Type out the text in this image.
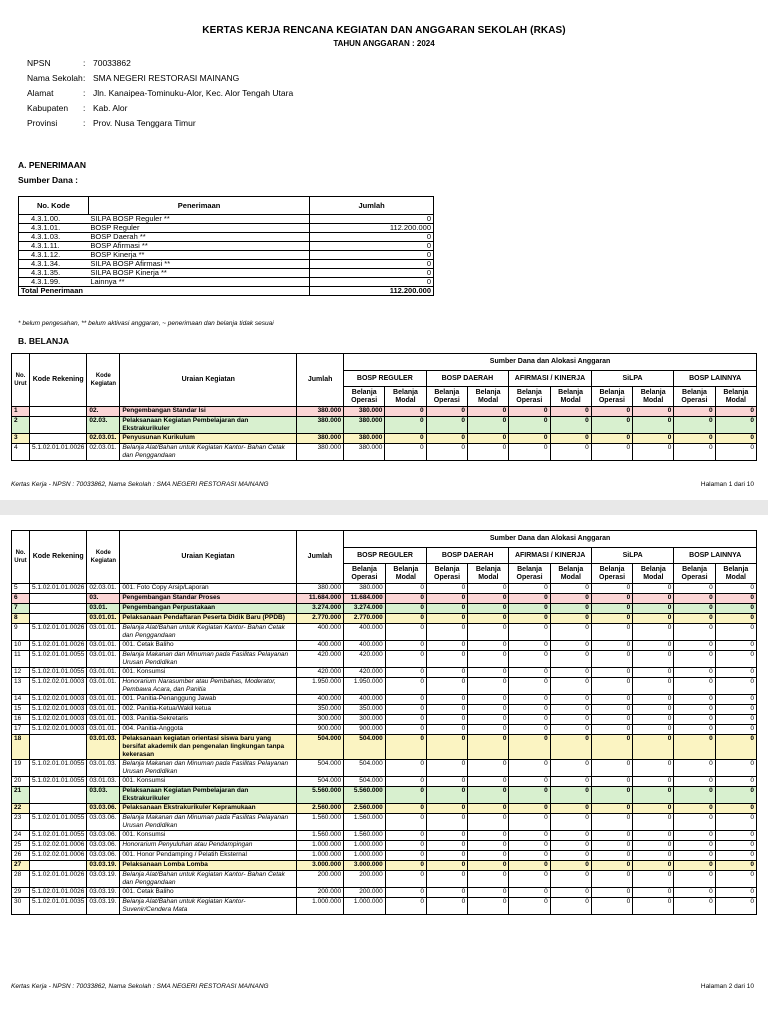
KERTAS KERJA RENCANA KEGIATAN DAN ANGGARAN SEKOLAH (RKAS)
TAHUN ANGGARAN : 2024
NPSN	: 70033862
Nama Sekolah : SMA NEGERI RESTORASI MAINANG
Alamat	: Jln. Kanaipea-Tominuku-Alor, Kec. Alor Tengah Utara
Kabupaten	: Kab. Alor
Provinsi	: Prov. Nusa Tenggara Timur
A. PENERIMAAN
Sumber Dana :
No. Kode	Penerimaan	Jumlah
4.3.1.00.	SILPA BOSP Reguler **	0
4.3.1.01.	BOSP Reguler	112.200.000
4.3.1.03.	BOSP Daerah **	0
4.3.1.11.	BOSP Afirmasi **	0
4.3.1.12.	BOSP Kinerja **	0
4.3.1.34.	SILPA BOSP Afirmasi **	0
4.3.1.35.	SILPA BOSP Kinerja **	0
4.3.1.99.	Lainnya **	0
Total Penerimaan		112.200.000
* belum pengesahan, ** belum aktivasi anggaran, ~ penerimaan dan belanja tidak sesuai
B. BELANJA
No. Urut	Kode Rekening	Kode Kegiatan	Uraian Kegiatan	Jumlah	Sumber Dana dan Alokasi Anggaran									
					BOSP REGULER		BOSP DAERAH		AFIRMASI / KINERJA		SiLPA		BOSP LAINNYA	
					Belanja Operasi	Belanja Modal	Belanja Operasi	Belanja Modal	Belanja Operasi	Belanja Modal	Belanja Operasi	Belanja Modal	Belanja Operasi	Belanja Modal
1		02.	Pengembangan Standar Isi	380.000	380.000	0	0	0	0	0	0	0	0	0
2		02.03.	Pelaksanaan Kegiatan Pembelajaran dan Ekstrakurikuler	380.000	380.000	0	0	0	0	0	0	0	0	0
3		02.03.01.	Penyusunan Kurikulum	380.000	380.000	0	0	0	0	0	0	0	0	0
4	5.1.02.01.01.0026	02.03.01.	Belanja Alat/Bahan untuk Kegiatan Kantor- Bahan Cetak dan Penggandaan	380.000	380.000	0	0	0	0	0	0	0	0	0
Kertas Kerja - NPSN : 70033862, Nama Sekolah : SMA NEGERI RESTORASI MAINANG	Halaman 1 dari 10
No. Urut	Kode Rekening	Kode Kegiatan	Uraian Kegiatan	Jumlah	Sumber Dana dan Alokasi Anggaran									
					BOSP REGULER		BOSP DAERAH		AFIRMASI / KINERJA		SiLPA		BOSP LAINNYA	
					Belanja Operasi	Belanja Modal	Belanja Operasi	Belanja Modal	Belanja Operasi	Belanja Modal	Belanja Operasi	Belanja Modal	Belanja Operasi	Belanja Modal
5	5.1.02.01.01.0026	02.03.01.	001. Foto Copy Arsip/Laporan	380.000	380.000	0	0	0	0	0	0	0	0	0
6		03.	Pengembangan Standar Proses	11.684.000	11.684.000	0	0	0	0	0	0	0	0	0
7		03.01.	Pengembangan Perpustakaan	3.274.000	3.274.000	0	0	0	0	0	0	0	0	0
8		03.01.01.	Pelaksanaan Pendaftaran Peserta Didik Baru (PPDB)	2.770.000	2.770.000	0	0	0	0	0	0	0	0	0
9	5.1.02.01.01.0026	03.01.01.	Belanja Alat/Bahan untuk Kegiatan Kantor- Bahan Cetak dan Penggandaan	400.000	400.000	0	0	0	0	0	0	0	0	0
10	5.1.02.01.01.0026	03.01.01.	001. Cetak Baliho	400.000	400.000	0	0	0	0	0	0	0	0	0
11	5.1.02.01.01.0055	03.01.01.	Belanja Makanan dan Minuman pada Fasilitas Pelayanan Urusan Pendidikan	420.000	420.000	0	0	0	0	0	0	0	0	0
12	5.1.02.01.01.0055	03.01.01.	001. Konsumsi	420.000	420.000	0	0	0	0	0	0	0	0	0
13	5.1.02.02.01.0003	03.01.01.	Honorarium Narasumber atau Pembahas, Moderator, Pembawa Acara, dan Panitia	1.950.000	1.950.000	0	0	0	0	0	0	0	0	0
14	5.1.02.02.01.0003	03.01.01.	001. Panitia-Penanggung Jawab	400.000	400.000	0	0	0	0	0	0	0	0	0
15	5.1.02.02.01.0003	03.01.01.	002. Panitia-Ketua/Wakil ketua	350.000	350.000	0	0	0	0	0	0	0	0	0
16	5.1.02.02.01.0003	03.01.01.	003. Panitia-Sekretaris	300.000	300.000	0	0	0	0	0	0	0	0	0
17	5.1.02.02.01.0003	03.01.01.	004. Panitia-Anggota	900.000	900.000	0	0	0	0	0	0	0	0	0
18		03.01.03.	Pelaksanaan kegiatan orientasi siswa baru yang bersifat akademik dan pengenalan lingkungan tanpa kekerasan	504.000	504.000	0	0	0	0	0	0	0	0	0
19	5.1.02.01.01.0055	03.01.03.	Belanja Makanan dan Minuman pada Fasilitas Pelayanan Urusan Pendidikan	504.000	504.000	0	0	0	0	0	0	0	0	0
20	5.1.02.01.01.0055	03.01.03.	001. Konsumsi	504.000	504.000	0	0	0	0	0	0	0	0	0
21		03.03.	Pelaksanaan Kegiatan Pembelajaran dan Ekstrakurikuler	5.560.000	5.560.000	0	0	0	0	0	0	0	0	0
22		03.03.06.	Pelaksanaan Ekstrakurikuler Kepramukaan	2.560.000	2.560.000	0	0	0	0	0	0	0	0	0
23	5.1.02.01.01.0055	03.03.06.	Belanja Makanan dan Minuman pada Fasilitas Pelayanan Urusan Pendidikan	1.560.000	1.560.000	0	0	0	0	0	0	0	0	0
24	5.1.02.01.01.0055	03.03.06.	001. Konsumsi	1.560.000	1.560.000	0	0	0	0	0	0	0	0	0
25	5.1.02.02.01.0006	03.03.06.	Honorarium Penyuluhan atau Pendampingan	1.000.000	1.000.000	0	0	0	0	0	0	0	0	0
26	5.1.02.02.01.0006	03.03.06.	001. Honor Pendamping / Pelatih Eksternal	1.000.000	1.000.000	0	0	0	0	0	0	0	0	0
27		03.03.19.	Pelaksanaan Lomba Lomba	3.000.000	3.000.000	0	0	0	0	0	0	0	0	0
28	5.1.02.01.01.0026	03.03.19.	Belanja Alat/Bahan untuk Kegiatan Kantor- Bahan Cetak dan Penggandaan	200.000	200.000	0	0	0	0	0	0	0	0	0
29	5.1.02.01.01.0026	03.03.19.	001. Cetak Baliho	200.000	200.000	0	0	0	0	0	0	0	0	0
30	5.1.02.01.01.0035	03.03.19.	Belanja Alat/Bahan untuk Kegiatan Kantor- Suvenir/Cendera Mata	1.000.000	1.000.000	0	0	0	0	0	0	0	0	0
Kertas Kerja - NPSN : 70033862, Nama Sekolah : SMA NEGERI RESTORASI MAINANG	Halaman 2 dari 10
